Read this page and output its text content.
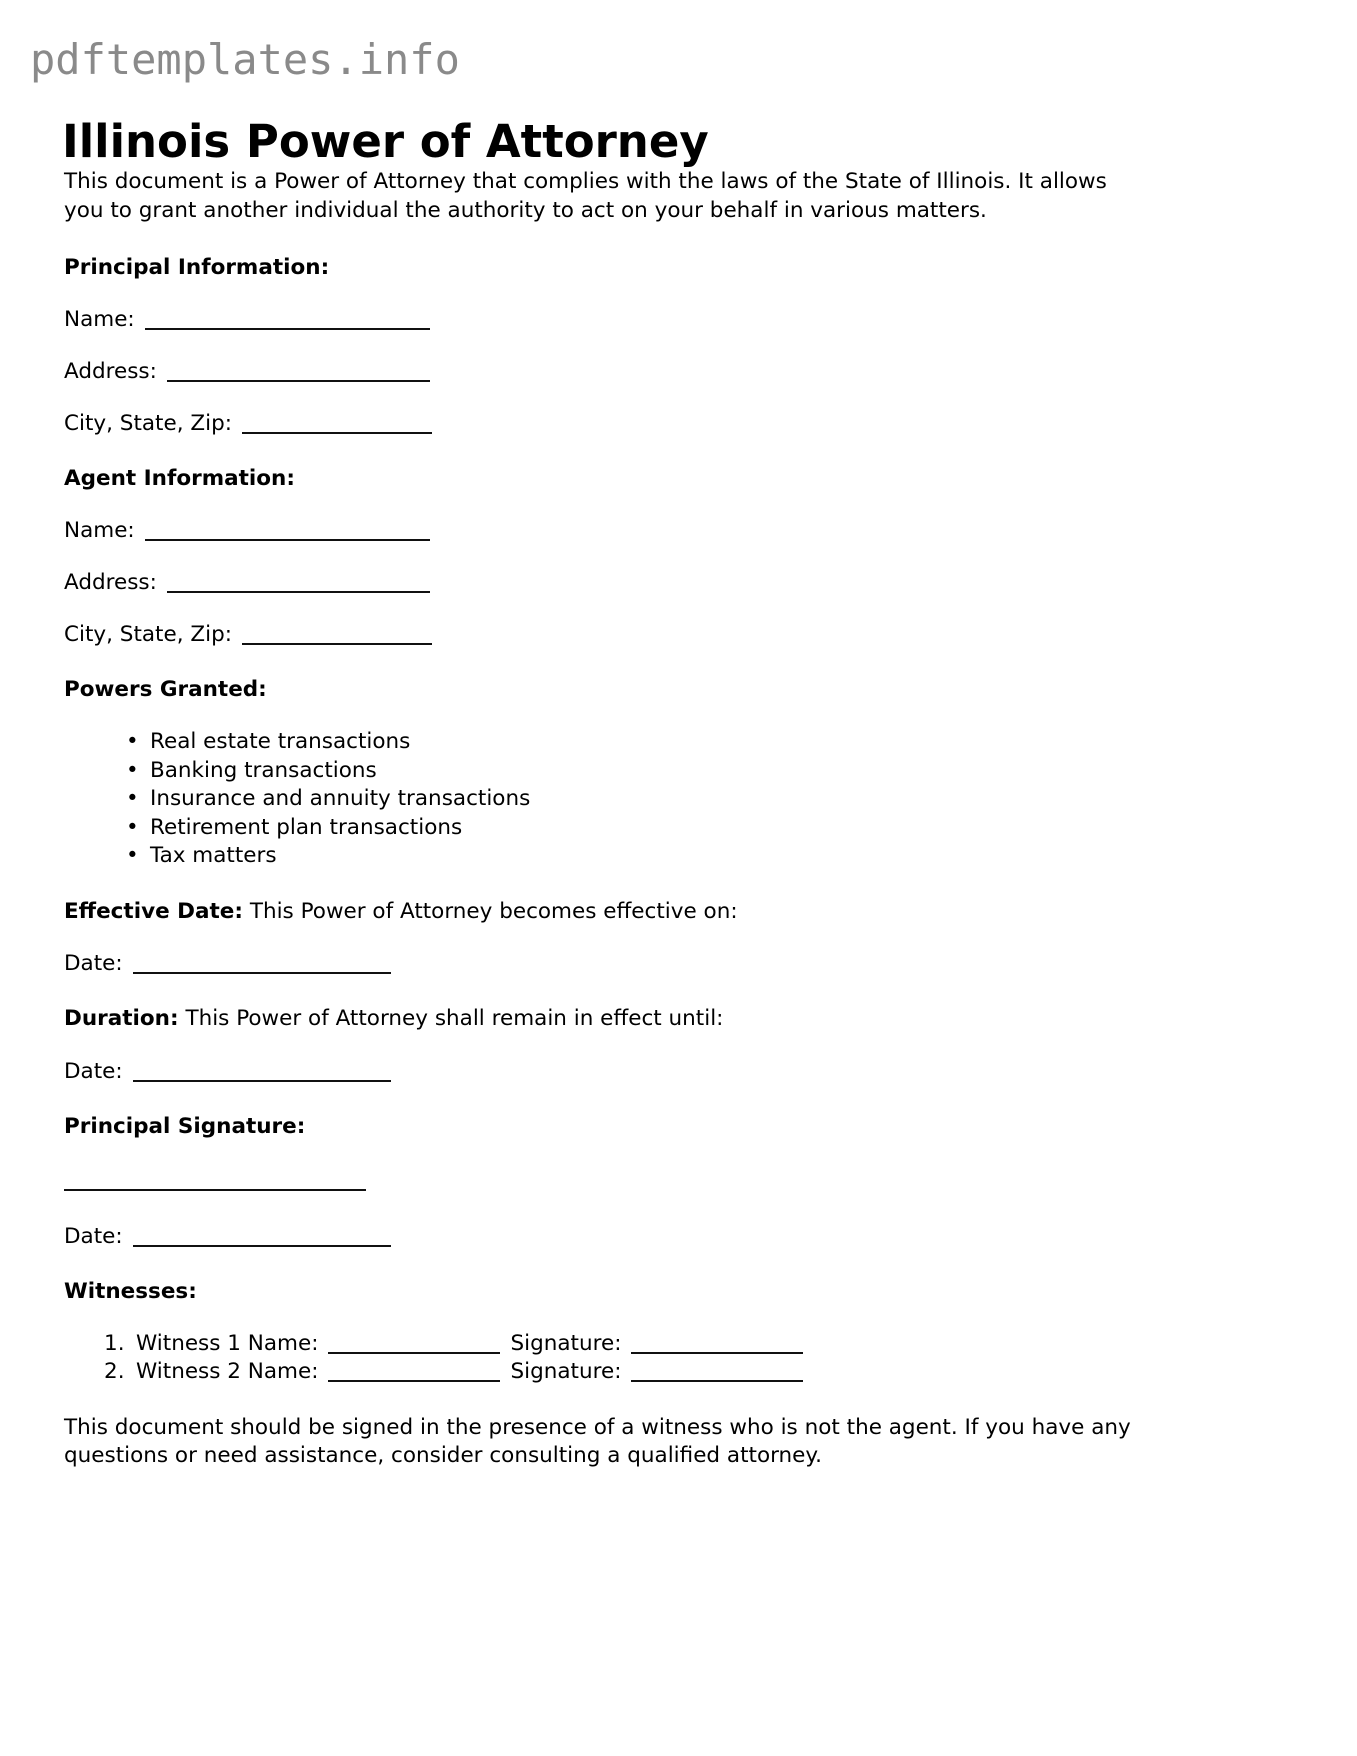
pdftemplates.info
Illinois Power of Attorney

This document is a Power of Attorney that complies with the laws of the State of Illinois. It allows you to grant another individual the authority to act on your behalf in various matters.

Principal Information:
Name:
Address:
City, State, Zip:
Agent Information:
Name:
Address:
City, State, Zip:
Powers Granted:
• Real estate transactions
• Banking transactions
• Insurance and annuity transactions
• Retirement plan transactions
• Tax matters

Effective Date: This Power of Attorney becomes effective on:

Date:

Duration: This Power of Attorney shall remain in effect until:

Date:
Principal Signature:
Date:
Witnesses:
Witness 1 Name:	Signature:
Witness 2 Name:	Signature:

This document should be signed in the presence of a witness who is not the agent. If you have any questions or need assistance, consider consulting a qualified attorney.
